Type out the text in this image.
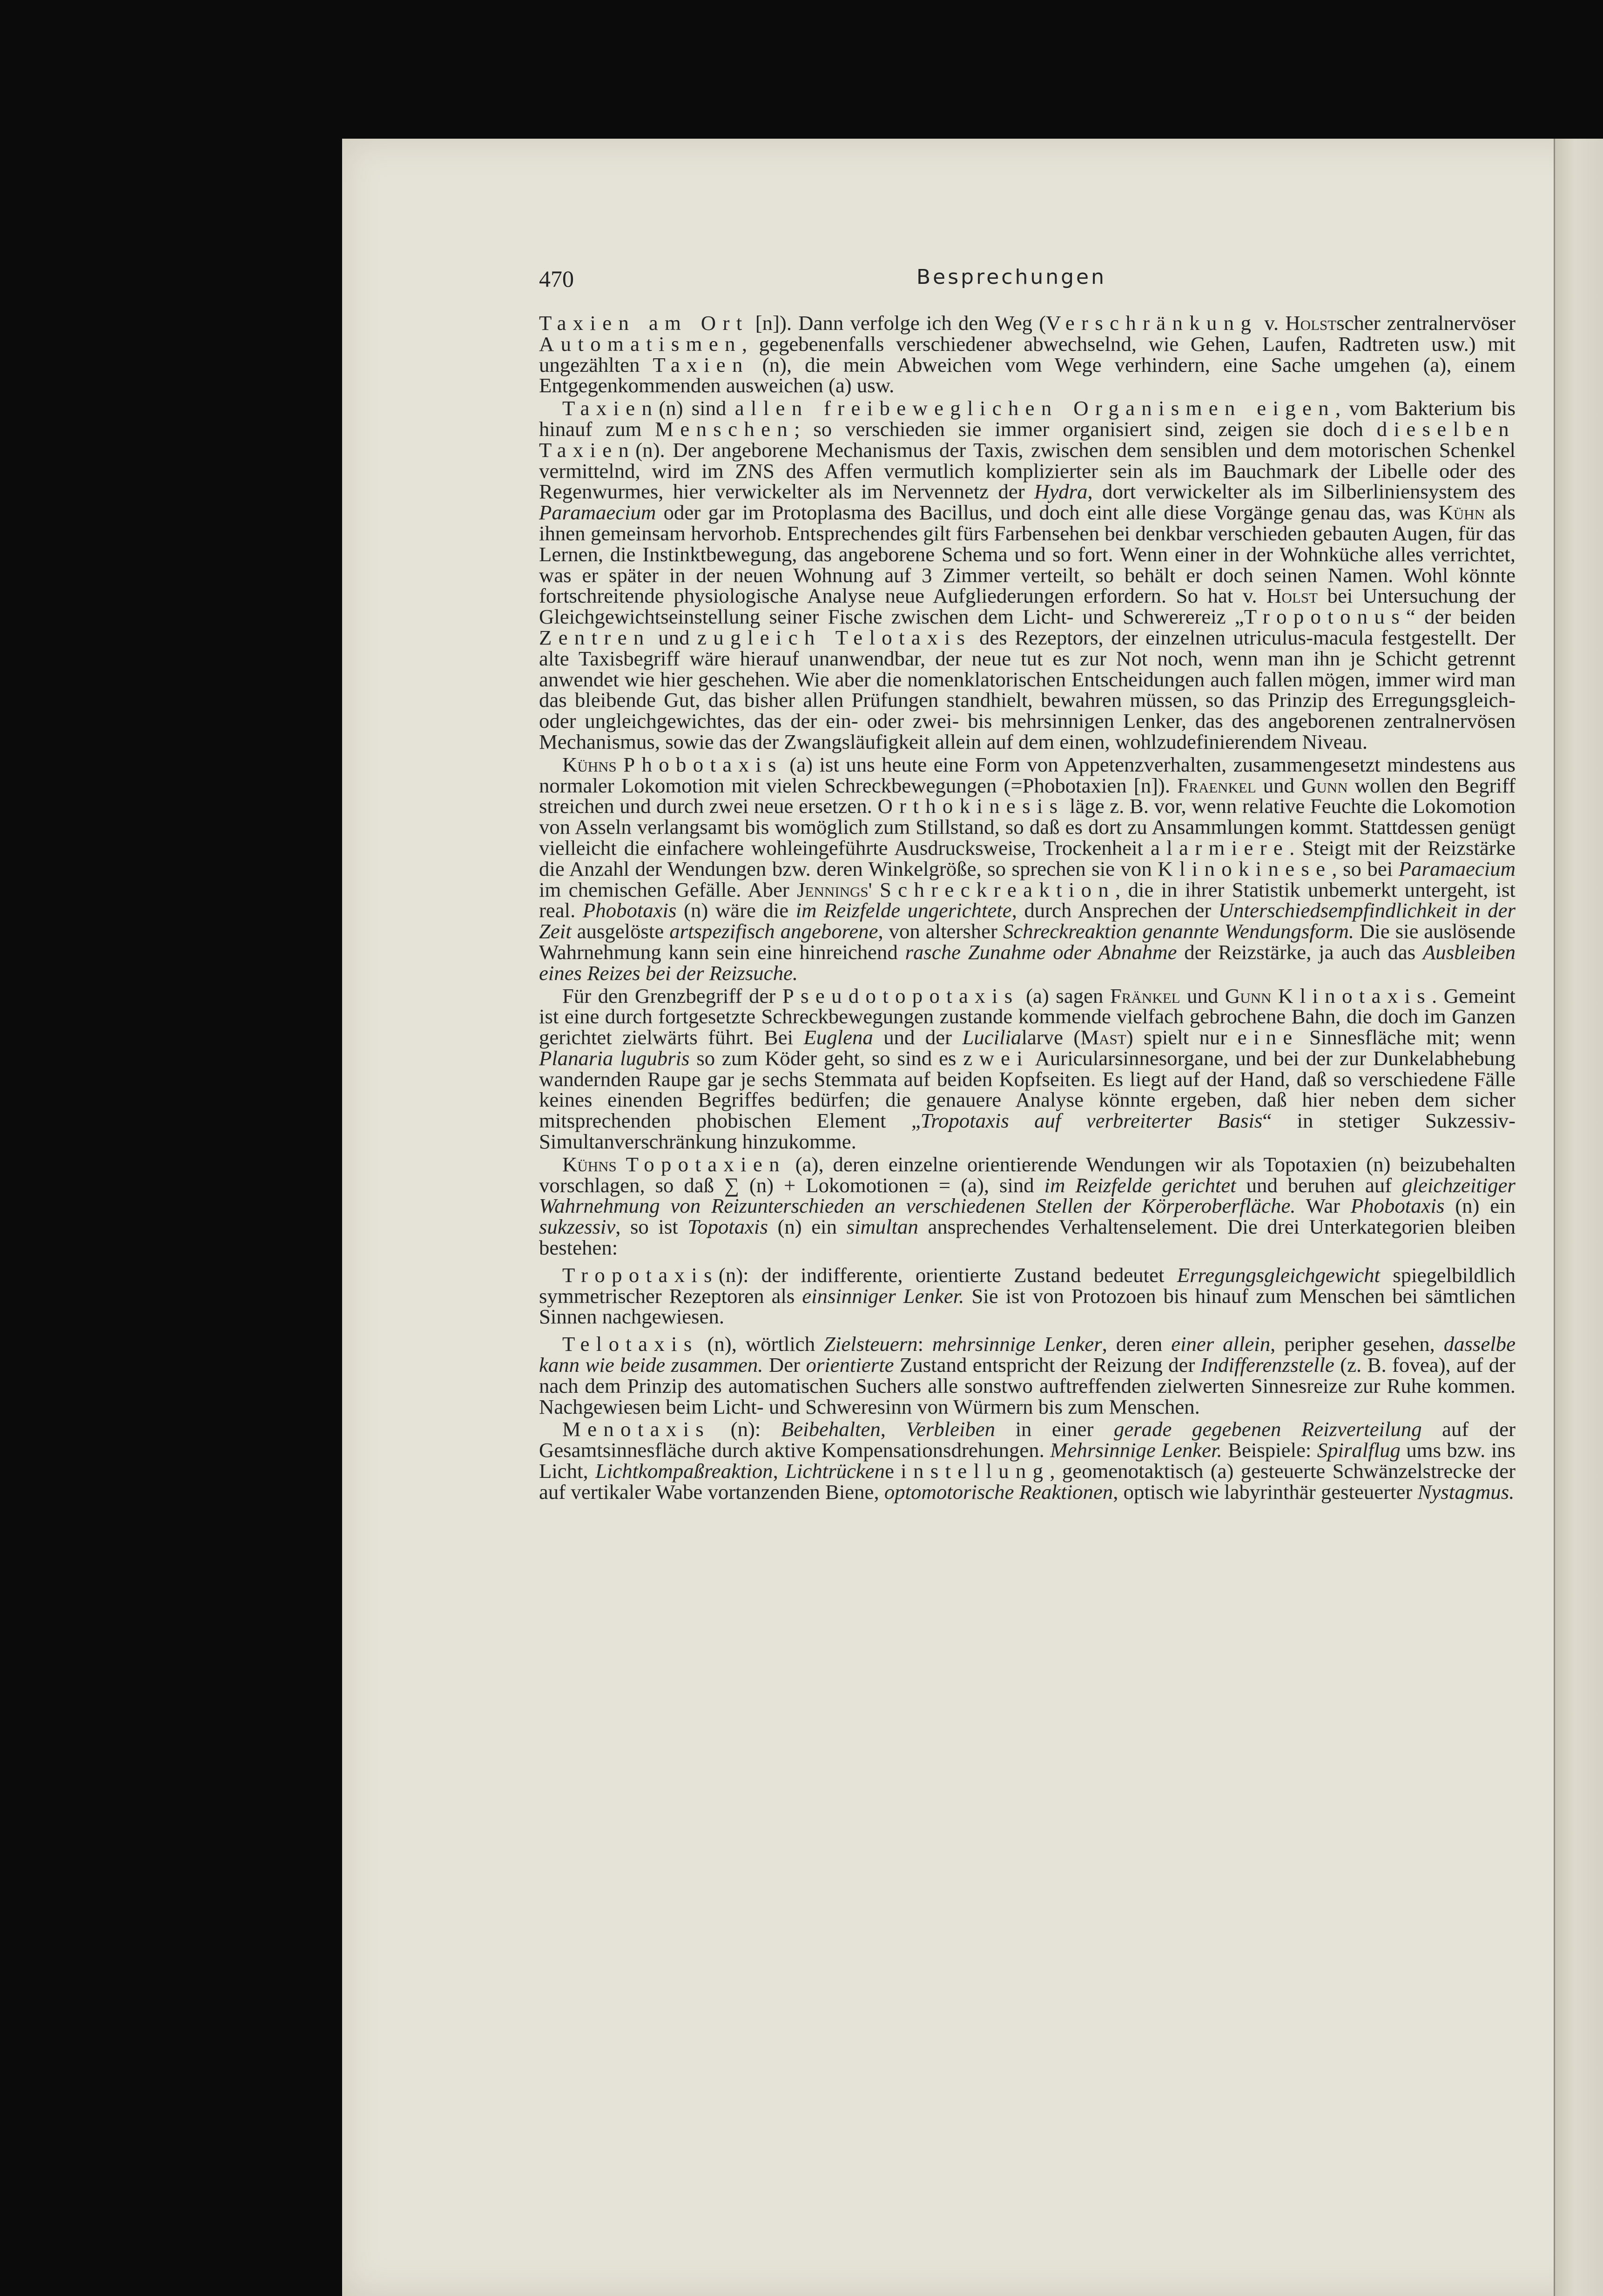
470	Besprechungen

Taxien am Ort [n]). Dann verfolge ich den Weg (Verschränkung v. Holstscher zentralnervöser Automatismen, gegebenenfalls verschiedener abwechselnd, wie Gehen, Laufen, Radtreten usw.) mit ungezählten Taxien (n), die mein Abweichen vom Wege verhindern, eine Sache umgehen (a), einem Entgegenkommenden ausweichen (a) usw.

Taxien(n) sind allen freibeweglichen Organismen eigen, vom Bakterium bis hinauf zum Menschen; so verschieden sie immer organisiert sind, zeigen sie doch dieselben Taxien(n). Der angeborene Mechanismus der Taxis, zwischen dem sensiblen und dem motorischen Schenkel vermittelnd, wird im ZNS des Affen vermutlich komplizierter sein als im Bauchmark der Libelle oder des Regenwurmes, hier verwickelter als im Nervennetz der Hydra, dort verwickelter als im Silberliniensystem des Paramaecium oder gar im Protoplasma des Bacillus, und doch eint alle diese Vorgänge genau das, was Kühn als ihnen gemeinsam hervorhob. Entsprechendes gilt fürs Farbensehen bei denkbar verschieden gebauten Augen, für das Lernen, die Instinktbewegung, das angeborene Schema und so fort. Wenn einer in der Wohnküche alles verrichtet, was er später in der neuen Wohnung auf 3 Zimmer verteilt, so behält er doch seinen Namen. Wohl könnte fortschreitende physiologische Analyse neue Aufgliederungen erfordern. So hat v. Holst bei Untersuchung der Gleichgewichtseinstellung seiner Fische zwischen dem Licht- und Schwerereiz „Tropotonus“ der beiden Zentren und zugleich Telotaxis des Rezeptors, der einzelnen utriculus-macula festgestellt. Der alte Taxisbegriff wäre hierauf unanwendbar, der neue tut es zur Not noch, wenn man ihn je Schicht getrennt anwendet wie hier geschehen. Wie aber die nomenklatorischen Entscheidungen auch fallen mögen, immer wird man das bleibende Gut, das bisher allen Prüfungen standhielt, bewahren müssen, so das Prinzip des Erregungsgleich- oder ungleichgewichtes, das der ein- oder zwei- bis mehrsinnigen Lenker, das des angeborenen zentralnervösen Mechanismus, sowie das der Zwangsläufigkeit allein auf dem einen, wohlzudefinierendem Niveau.

Kühns Phobotaxis (a) ist uns heute eine Form von Appetenzverhalten, zusammengesetzt mindestens aus normaler Lokomotion mit vielen Schreckbewegungen (=Phobotaxien [n]). Fraenkel und Gunn wollen den Begriff streichen und durch zwei neue ersetzen. Orthokinesis läge z. B. vor, wenn relative Feuchte die Lokomotion von Asseln verlangsamt bis womöglich zum Stillstand, so daß es dort zu Ansammlungen kommt. Stattdessen genügt vielleicht die einfachere wohleingeführte Ausdrucksweise, Trockenheit alarmiere. Steigt mit der Reizstärke die Anzahl der Wendungen bzw. deren Winkelgröße, so sprechen sie von Klinokinese, so bei Paramaecium im chemischen Gefälle. Aber Jennings' Schreckreaktion, die in ihrer Statistik unbemerkt untergeht, ist real. Phobotaxis (n) wäre die im Reizfelde ungerichtete, durch Ansprechen der Unterschiedsempfindlichkeit in der Zeit ausgelöste artspezifisch angeborene, von altersher Schreckreaktion genannte Wendungsform. Die sie auslösende Wahrnehmung kann sein eine hinreichend rasche Zunahme oder Abnahme der Reizstärke, ja auch das Ausbleiben eines Reizes bei der Reizsuche.

Für den Grenzbegriff der Pseudotopotaxis (a) sagen Fränkel und Gunn Klinotaxis. Gemeint ist eine durch fortgesetzte Schreckbewegungen zustande kommende vielfach gebrochene Bahn, die doch im Ganzen gerichtet zielwärts führt. Bei Euglena und der Lucilialarve (Mast) spielt nur eine Sinnesfläche mit; wenn Planaria lugubris so zum Köder geht, so sind es zwei Auricularsinnesorgane, und bei der zur Dunkelabhebung wandernden Raupe gar je sechs Stemmata auf beiden Kopfseiten. Es liegt auf der Hand, daß so verschiedene Fälle keines einenden Begriffes bedürfen; die genauere Analyse könnte ergeben, daß hier neben dem sicher mitsprechenden phobischen Element „Tropotaxis auf verbreiterter Basis“ in stetiger Sukzessiv-Simultanverschränkung hinzukomme.

Kühns Topotaxien (a), deren einzelne orientierende Wendungen wir als Topotaxien (n) beizubehalten vorschlagen, so daß ∑ (n) + Lokomotionen = (a), sind im Reizfelde gerichtet und beruhen auf gleichzeitiger Wahrnehmung von Reizunterschieden an verschiedenen Stellen der Körperoberfläche. War Phobotaxis (n) ein sukzessiv, so ist Topotaxis (n) ein simultan ansprechendes Verhaltenselement. Die drei Unterkategorien bleiben bestehen:

Tropotaxis(n): der indifferente, orientierte Zustand bedeutet Erregungsgleichgewicht spiegelbildlich symmetrischer Rezeptoren als einsinniger Lenker. Sie ist von Protozoen bis hinauf zum Menschen bei sämtlichen Sinnen nachgewiesen.

Telotaxis (n), wörtlich Zielsteuern: mehrsinnige Lenker, deren einer allein, peripher gesehen, dasselbe kann wie beide zusammen. Der orientierte Zustand entspricht der Reizung der Indifferenzstelle (z. B. fovea), auf der nach dem Prinzip des automatischen Suchers alle sonstwo auftreffenden zielwerten Sinnesreize zur Ruhe kommen. Nachgewiesen beim Licht- und Schweresinn von Würmern bis zum Menschen.

Menotaxis (n): Beibehalten, Verbleiben in einer gerade gegebenen Reizverteilung auf der Gesamtsinnesfläche durch aktive Kompensationsdrehungen. Mehrsinnige Lenker. Beispiele: Spiralflug ums bzw. ins Licht, Lichtkompaßreaktion, Lichtrückeneinstellung, geomenotaktisch (a) gesteuerte Schwänzelstrecke der auf vertikaler Wabe vortanzenden Biene, optomotorische Reaktionen, optisch wie labyrinthär gesteuerter Nystagmus.
